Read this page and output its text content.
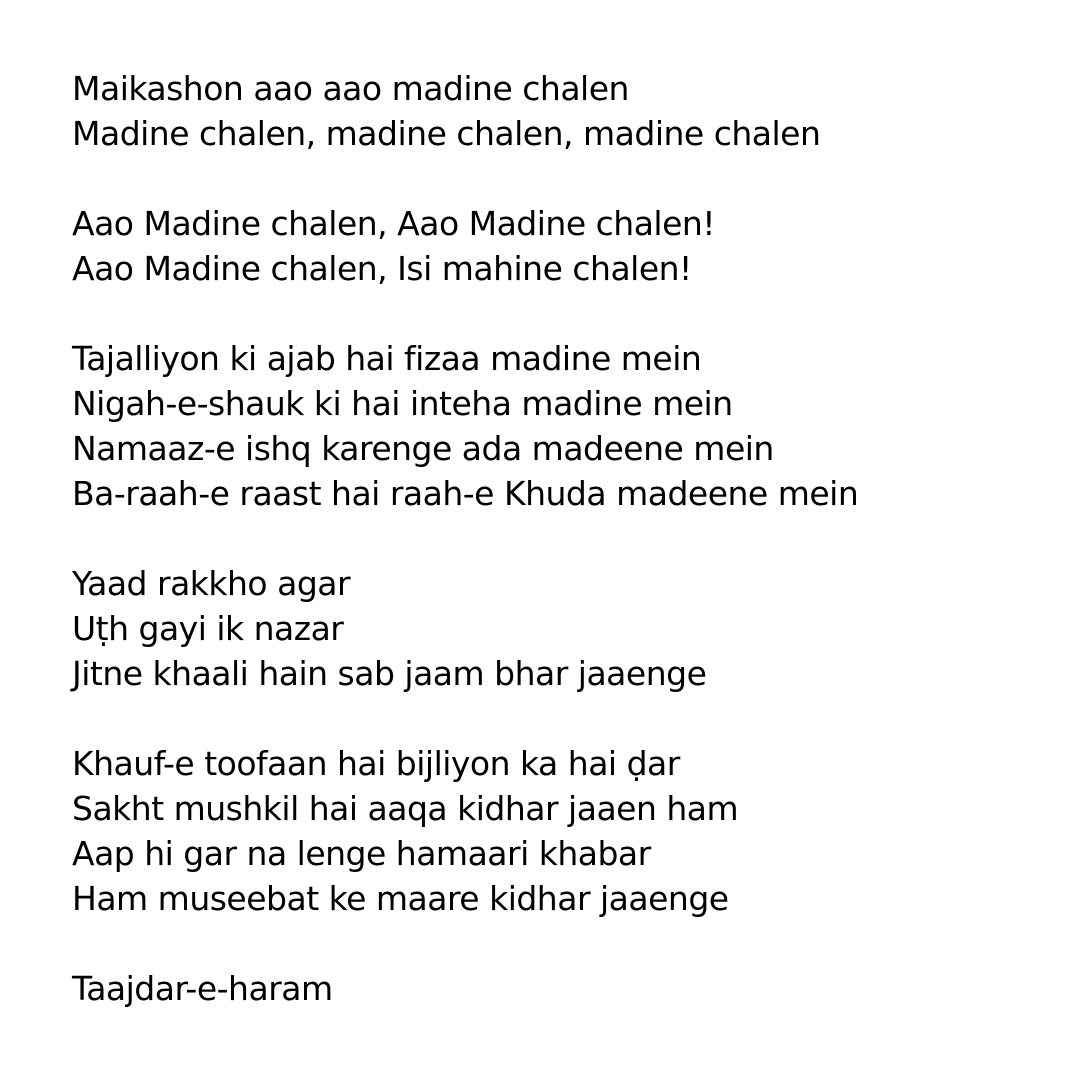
Maikashon aao aao madine chalen
Madine chalen, madine chalen, madine chalen
Aao Madine chalen, Aao Madine chalen!
Aao Madine chalen, Isi mahine chalen!
Tajalliyon ki ajab hai fizaa madine mein
Nigah-e-shauk ki hai inteha madine mein
Namaaz-e ishq karenge ada madeene mein
Ba-raah-e raast hai raah-e Khuda madeene mein
Yaad rakkho agar
Uṭh gayi ik nazar
Jitne khaali hain sab jaam bhar jaaenge
Khauf-e toofaan hai bijliyon ka hai ḍar
Sakht mushkil hai aaqa kidhar jaaen ham
Aap hi gar na lenge hamaari khabar
Ham museebat ke maare kidhar jaaenge
Taajdar-e-haram
